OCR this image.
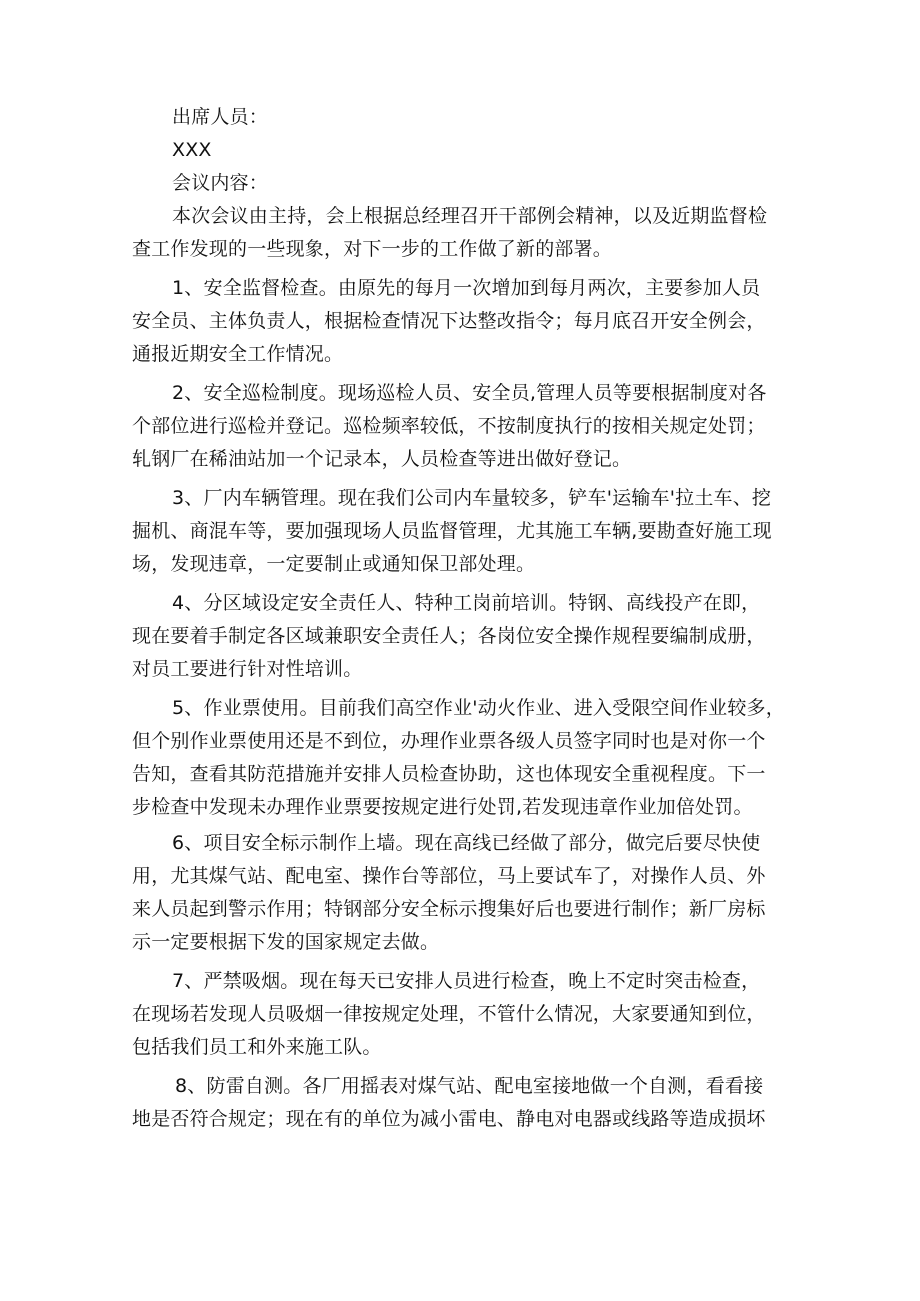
出席人员：
XXX
会议内容：
本次会议由主持，会上根据总经理召开干部例会精神，以及近期监督检
查工作发现的一些现象，对下一步的工作做了新的部署。
1、安全监督检查。由原先的每月一次增加到每月两次，主要参加人员
安全员、主体负责人，根据检查情况下达整改指令；每月底召开安全例会，
通报近期安全工作情况。
2、安全巡检制度。现场巡检人员、安全员,管理人员等要根据制度对各
个部位进行巡检并登记。巡检频率较低，不按制度执行的按相关规定处罚；
轧钢厂在稀油站加一个记录本，人员检查等进出做好登记。
3、厂内车辆管理。现在我们公司内车量较多，铲车'运输车'拉土车、挖
掘机、商混车等，要加强现场人员监督管理，尤其施工车辆,要勘查好施工现
场，发现违章，一定要制止或通知保卫部处理。
4、分区域设定安全责任人、特种工岗前培训。特钢、高线投产在即，
现在要着手制定各区域兼职安全责任人；各岗位安全操作规程要编制成册，
对员工要进行针对性培训。
5、作业票使用。目前我们高空作业'动火作业、进入受限空间作业较多，
但个别作业票使用还是不到位，办理作业票各级人员签字同时也是对你一个
告知，查看其防范措施并安排人员检查协助，这也体现安全重视程度。下一
步检查中发现未办理作业票要按规定进行处罚,若发现违章作业加倍处罚。
6、项目安全标示制作上墙。现在高线已经做了部分，做完后要尽快使
用，尤其煤气站、配电室、操作台等部位，马上要试车了，对操作人员、外
来人员起到警示作用；特钢部分安全标示搜集好后也要进行制作；新厂房标
示一定要根据下发的国家规定去做。
7、严禁吸烟。现在每天已安排人员进行检查，晚上不定时突击检查，
在现场若发现人员吸烟一律按规定处理，不管什么情况，大家要通知到位，
包括我们员工和外来施工队。
8、防雷自测。各厂用摇表对煤气站、配电室接地做一个自测，看看接
地是否符合规定；现在有的单位为减小雷电、静电对电器或线路等造成损坏
